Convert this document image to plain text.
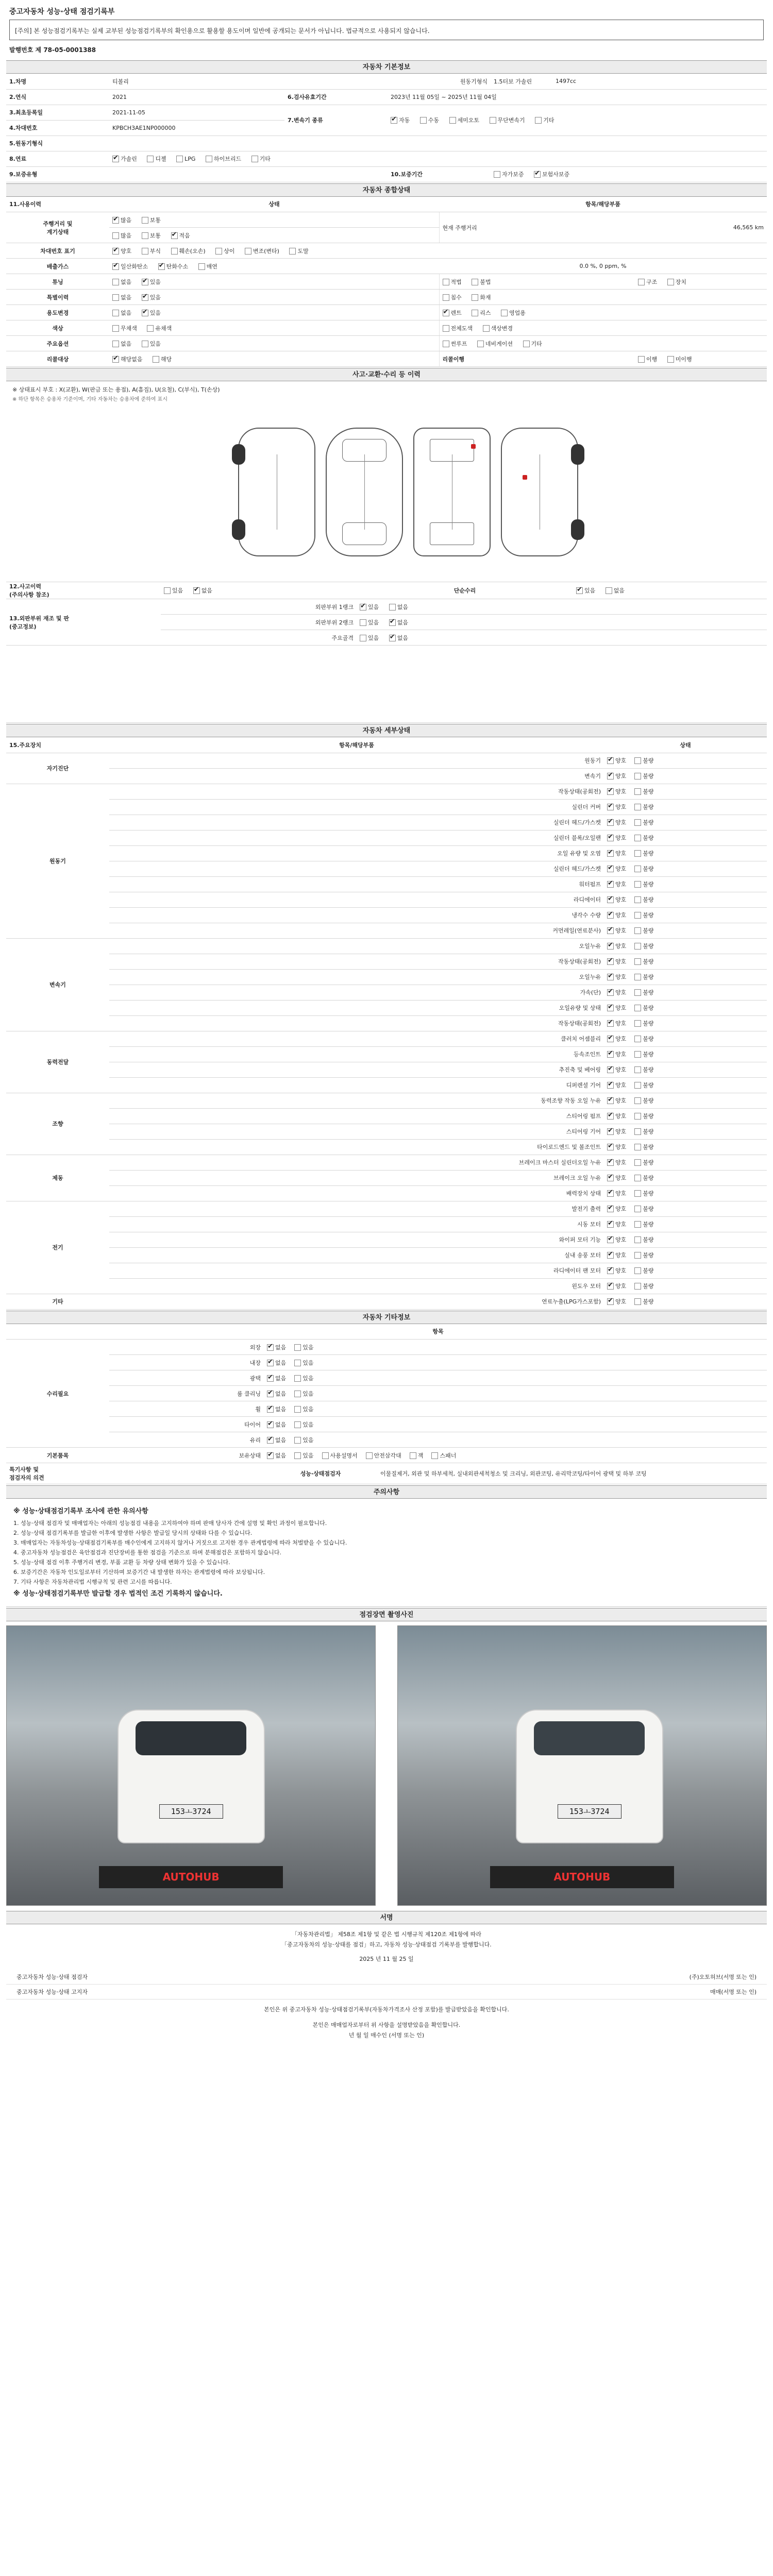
중고자동차 성능·상태 점검기록부
[주의] 본 성능점검기록부는 실제 교부된 성능점검기록부의 확인용으로 활용할 용도이며 일반에 공개되는 문서가 아닙니다. 법규적으로 사용되지 않습니다.
발행번호 제 78-05-0001388
자동차 기본정보
1.차명	티볼리		원동기형식	1.5터보 가솔린	1497cc
2.연식	2021	6.검사유효기간	2023년 11월 05일 ~ 2025년 11월 04일		
3.최초등록일	2021-11-05	7.변속기 종류	✔자동 수동 세미오토 무단변속기 기타
4.차대번호	KPBCH3AE1NP000000				
5.원동기형식					
8.연료	✔가솔린 디젤 LPG 하이브리드 기타
9.보증유형			10.보증기간	자가보증 ✔ 보험사보증
자동차 종합상태
11.사용이력	상태	항목/해당부품	
주행거리 및
계기상태	✔많음 보통	현재 주행거리	46,565 km
	많음 보통 ✔ 적음
차대번호 표기	✔양호 부식 훼손(오손) 상이 변조(변타) 도말
배출가스	✔일산화탄소 ✔ 탄화수소 매연	0.0 %, 0 ppm, %	
튜닝	없음 ✔ 있음	적법 불법	구조 장치
특별이력	없음 ✔ 있음	침수 화재	
용도변경	없음 ✔ 있음	✔렌트 리스 영업용
색상	무채색 유채색	전체도색 색상변경	
주요옵션	없음 있음	썬루프 네비게이션 기타	
리콜대상	✔해당없음 해당	리콜이행	이행 미이행
사고·교환·수리 등 이력
※ 상태표시 부호 : X(교환), W(판금 또는 용접), A(흠집), U(요철), C(부식), T(손상)
※ 하단 항목은 승용차 기준이며, 기타 자동차는 승용차에 준하여 표시
12.사고이력
(주의사항 참조)	있음 ✔ 없음	단순수리	✔있음 없음
13.외판부위 재조 및 판
(중고정보)	외판부위 1랭크	✔있음 없음
	외판부위 2랭크	있음 ✔ 없음
	주요골격	있음 ✔ 없음
자동차 세부상태
15.주요장치	항목/해당부품		상태
자기진단		원동기	✔양호 불량
		변속기	✔양호 불량
원동기		작동상태(공회전)	✔양호 불량
		실린더 커버	✔양호 불량
		실린더 헤드/가스켓	✔양호 불량
		실린더 블록/오일팬	✔양호 불량
		오일 유량 및 오염	✔양호 불량
		실린더 헤드/가스켓	✔양호 불량
		워터펌프	✔양호 불량
		라디에이터	✔양호 불량
		냉각수 수량	✔양호 불량
		커먼레일(연료분사)	✔양호 불량
변속기		오일누유	✔양호 불량
		작동상태(공회전)	✔양호 불량
		오일누유	✔양호 불량
		가속(단)	✔양호 불량
		오일유량 및 상태	✔양호 불량
		작동상태(공회전)	✔양호 불량
동력전달		클러치 어셈블리	✔양호 불량
		등속조인트	✔양호 불량
		추진축 및 베어링	✔양호 불량
		디퍼렌셜 기어	✔양호 불량
조향		동력조향 작동 오일 누유	✔양호 불량
		스티어링 펌프	✔양호 불량
		스티어링 기어	✔양호 불량
		타이로드엔드 및 볼조인트	✔양호 불량
제동		브레이크 마스터 실린더오일 누유	✔양호 불량
		브레이크 오일 누유	✔양호 불량
		배력장치 상태	✔양호 불량
전기		발전기 출력	✔양호 불량
		시동 모터	✔양호 불량
		와이퍼 모터 기능	✔양호 불량
		실내 송풍 모터	✔양호 불량
		라디에이터 팬 모터	✔양호 불량
		윈도우 모터	✔양호 불량
기타		연료누출(LPG가스포함)	✔양호 불량
자동차 기타정보
	항목	
수리필요	외장	✔없음 있음
	내장	✔없음 있음
	광택	✔없음 있음
	룸 클리닝	✔없음 있음
	휠	✔없음 있음
	타이어	✔없음 있음
	유리	✔없음 있음
기본품목	보유상태	✔없음 있음 사용설명서 안전삼각대 잭 스패너
특기사항 및
점검자의 의견		성능·상태점검자	이물질제거, 외관 및 하부세척, 실내외관세척청소 및 크리닝, 외관코팅, 유리막코팅/타이어 광택 및 하부 코팅
주의사항

※ 성능·상태점검기록부 조사에 관한 유의사항

1. 성능·상태 점검자 및 매매업자는 아래의 성능점검 내용을 고지하여야 하며 판매 당사자 간에 설명 및 확인 과정이 필요합니다.

2. 성능·상태 점검기록부를 발급한 이후에 발생한 사항은 발급일 당시의 상태와 다를 수 있습니다.

3. 매매업자는 자동차성능·상태점검기록부를 매수인에게 고지하지 않거나 거짓으로 고지한 경우 관계법령에 따라 처벌받을 수 있습니다.

4. 중고자동차 성능점검은 육안점검과 진단장비를 통한 점검을 기준으로 하며 분해점검은 포함하지 않습니다.

5. 성능·상태 점검 이후 주행거리 변경, 부품 교환 등 차량 상태 변화가 있을 수 있습니다.

6. 보증기간은 자동차 인도일로부터 기산하며 보증기간 내 발생한 하자는 관계법령에 따라 보상됩니다.

7. 기타 사항은 자동차관리법 시행규칙 및 관련 고시를 따릅니다.

※ 성능·상태점검기록부만 발급할 경우 법적인 조건 기록하지 않습니다.

점검장면 촬영사진
153ㅗ3724
AUTOHUB
153ㅗ3724
AUTOHUB
서명
「자동차관리법」 제58조 제1항 및 같은 법 시행규칙 제120조 제1항에 따라
「중고자동차의 성능·상태를 점검」하고, 자동차 성능·상태점검 기록부를 발행합니다.
2025 년 11 월 25 일
중고자동차 성능·상태 점검자	(주)오토허브(서명 또는 인)
중고자동차 성능·상태 고지자	매매(서명 또는 인)
본인은 위 중고자동차 성능·상태점검기록부(자동차가격조사 산정 포함)를 발급받았음을 확인합니다.
본인은 매매업자로부터 위 사항을 설명받았음을 확인합니다.
년 월 일 매수인 (서명 또는 인)
